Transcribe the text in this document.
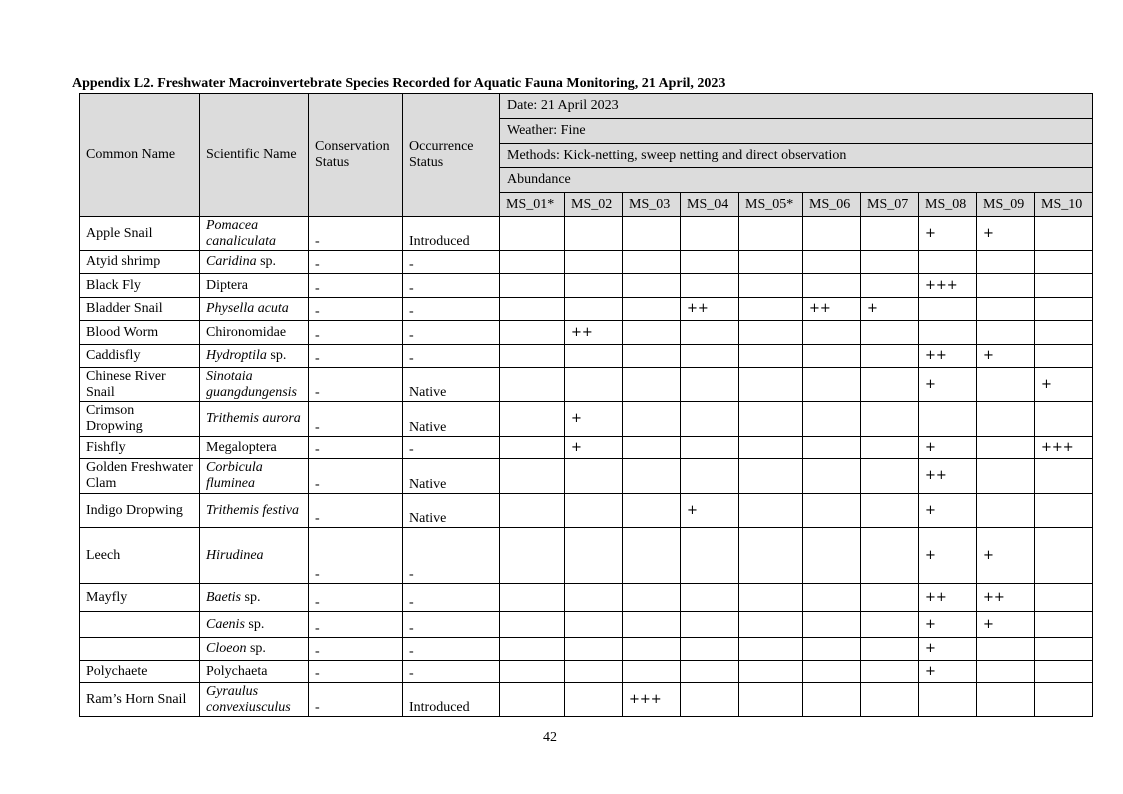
Appendix L2. Freshwater Macroinvertebrate Species Recorded for Aquatic Fauna Monitoring, 21 April, 2023
Common Name	Scientific Name	Conservation Status	Occurrence Status	Date: 21 April 2023									
				Weather: Fine									
				Methods: Kick-netting, sweep netting and direct observation									
				Abundance									
				MS_01*	MS_02	MS_03	MS_04	MS_05*	MS_06	MS_07	MS_08	MS_09	MS_10
Apple Snail	Pomacea canaliculata	-	Introduced								+	+	
Atyid shrimp	Caridina sp.	-	-										
Black Fly	Diptera	-	-								+++		
Bladder Snail	Physella acuta	-	-				++		++	+			
Blood Worm	Chironomidae	-	-		++								
Caddisfly	Hydroptila sp.	-	-								++	+	
Chinese River Snail	Sinotaia guangdungensis	-	Native								+		+
Crimson Dropwing	Trithemis aurora	-	Native		+								
Fishfly	Megaloptera	-	-		+						+		+++
Golden Freshwater Clam	Corbicula fluminea	-	Native								++		
Indigo Dropwing	Trithemis festiva	-	Native				+				+		
Leech	Hirudinea	-	-								+	+	
Mayfly	Baetis sp.	-	-								++	++	
	Caenis sp.	-	-								+	+	
	Cloeon sp.	-	-								+		
Polychaete	Polychaeta	-	-								+		
Ram’s Horn Snail	Gyraulus convexiusculus	-	Introduced			+++							
42
